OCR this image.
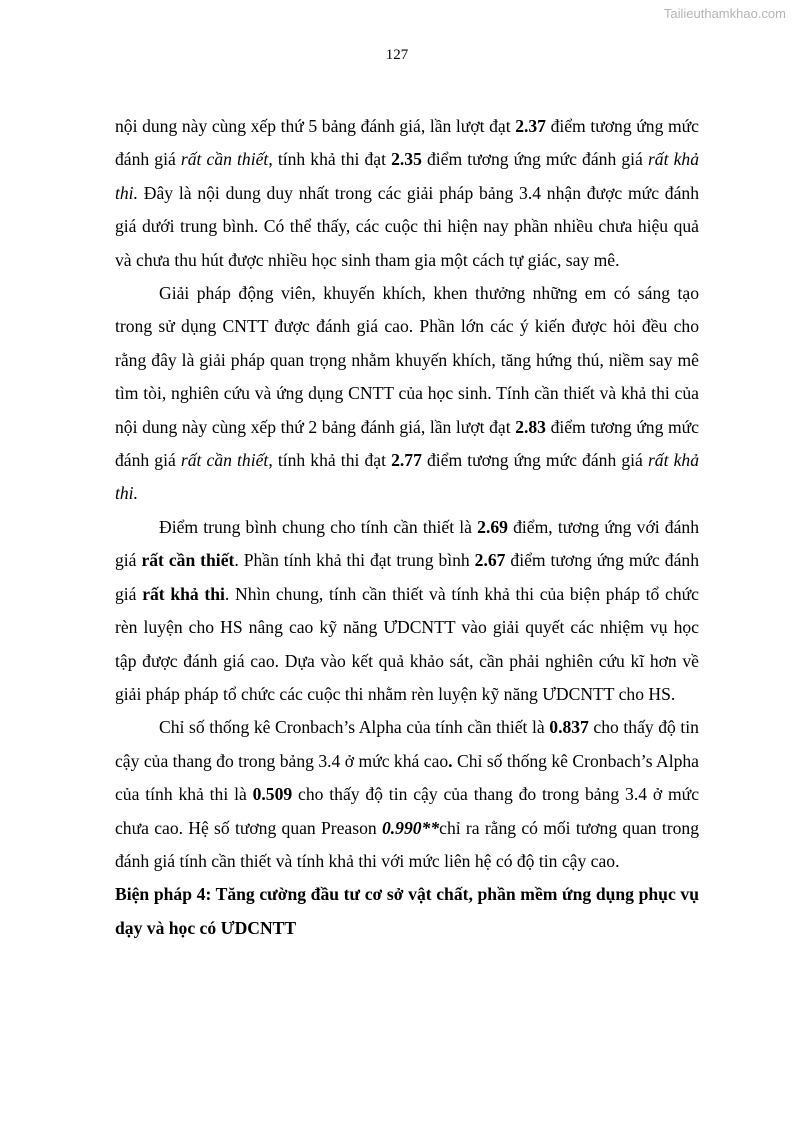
Tailieuthamkhao.com
127

nội dung này cùng xếp thứ 5 bảng đánh giá, lần lượt đạt 2.37 điểm tương ứng mức đánh giá rất cần thiết, tính khả thi đạt 2.35 điểm tương ứng mức đánh giá rất khả thi. Đây là nội dung duy nhất trong các giải pháp bảng 3.4 nhận được mức đánh giá dưới trung bình. Có thể thấy, các cuộc thi hiện nay phần nhiều chưa hiệu quả và chưa thu hút được nhiều học sinh tham gia một cách tự giác, say mê.

Giải pháp động viên, khuyến khích, khen thưởng những em có sáng tạo trong sử dụng CNTT được đánh giá cao. Phần lớn các ý kiến được hỏi đều cho rằng đây là giải pháp quan trọng nhằm khuyến khích, tăng hứng thú, niềm say mê tìm tòi, nghiên cứu và ứng dụng CNTT của học sinh. Tính cần thiết và khả thi của nội dung này cùng xếp thứ 2 bảng đánh giá, lần lượt đạt 2.83 điểm tương ứng mức đánh giá rất cần thiết, tính khả thi đạt 2.77 điểm tương ứng mức đánh giá rất khả thi.

Điểm trung bình chung cho tính cần thiết là 2.69 điểm, tương ứng với đánh giá rất cần thiết. Phần tính khả thi đạt trung bình 2.67 điểm tương ứng mức đánh giá rất khả thi. Nhìn chung, tính cần thiết và tính khả thi của biện pháp tổ chức rèn luyện cho HS nâng cao kỹ năng ƯDCNTT vào giải quyết các nhiệm vụ học tập được đánh giá cao. Dựa vào kết quả khảo sát, cần phải nghiên cứu kĩ hơn về giải pháp pháp tổ chức các cuộc thi nhằm rèn luyện kỹ năng ƯDCNTT cho HS.

Chỉ số thống kê Cronbach’s Alpha của tính cần thiết là 0.837 cho thấy độ tin cậy của thang đo trong bảng 3.4 ở mức khá cao. Chỉ số thống kê Cronbach’s Alpha của tính khả thi là 0.509 cho thấy độ tin cậy của thang đo trong bảng 3.4 ở mức chưa cao. Hệ số tương quan Preason 0.990**chỉ ra rằng có mối tương quan trong đánh giá tính cần thiết và tính khả thi với mức liên hệ có độ tin cậy cao.

Biện pháp 4: Tăng cường đầu tư cơ sở vật chất, phần mềm ứng dụng phục vụ dạy và học có ƯDCNTT
